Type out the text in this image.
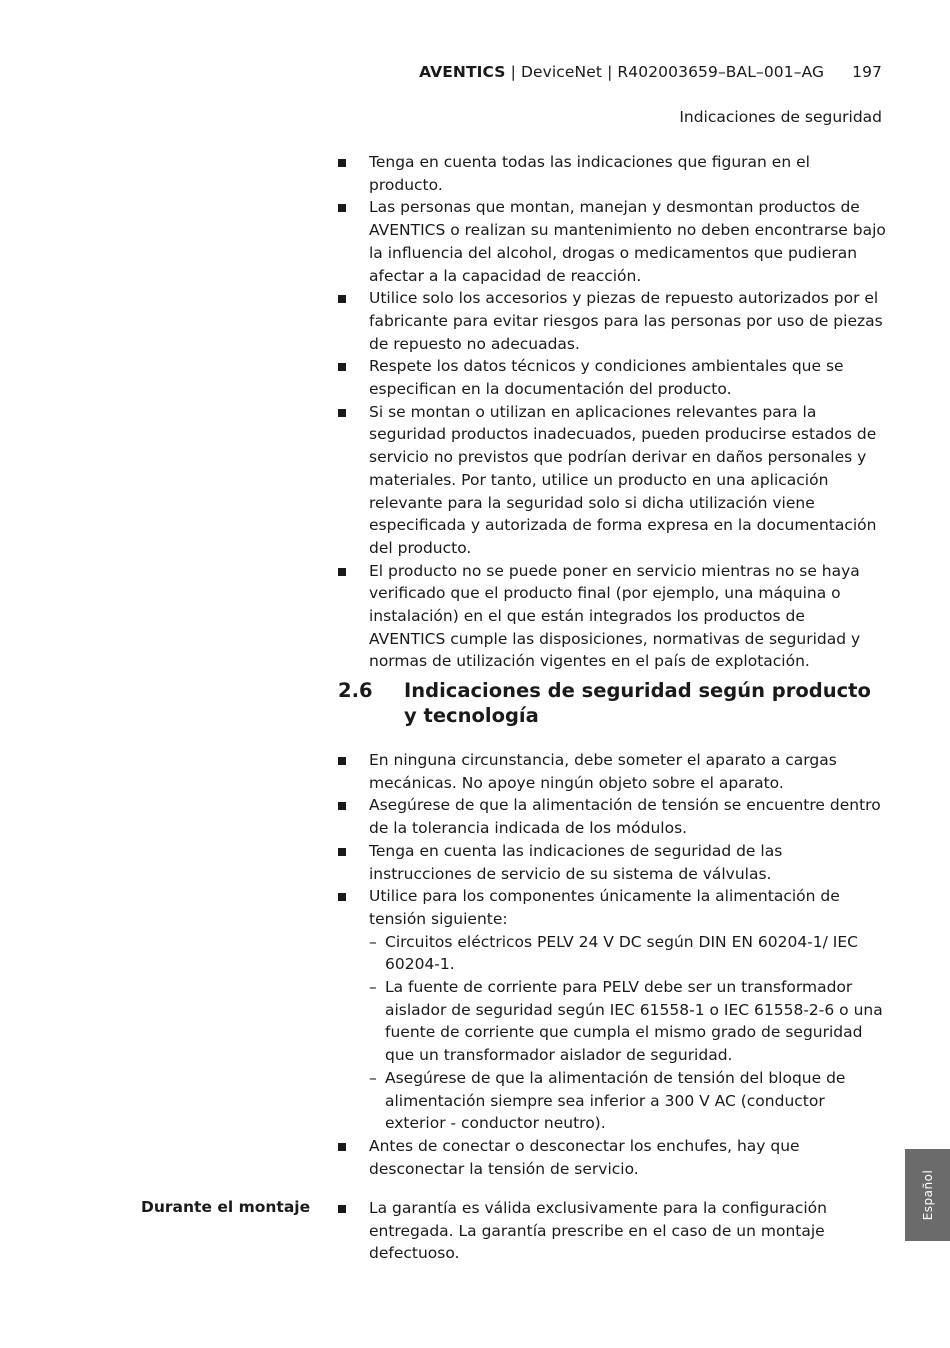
AVENTICS | DeviceNet | R402003659–BAL–001–AG 197
Indicaciones de seguridad
Tenga en cuenta todas las indicaciones que figuran en el producto.
Las personas que montan, manejan y desmontan productos de AVENTICS o realizan su mantenimiento no deben encontrarse bajo la influencia del alcohol, drogas o medicamentos que pudieran afectar a la capacidad de reacción.
Utilice solo los accesorios y piezas de repuesto autorizados por el fabricante para evitar riesgos para las personas por uso de piezas de repuesto no adecuadas.
Respete los datos técnicos y condiciones ambientales que se especifican en la documentación del producto.
Si se montan o utilizan en aplicaciones relevantes para la seguridad productos inadecuados, pueden producirse estados de servicio no previstos que podrían derivar en daños personales y materiales. Por tanto, utilice un producto en una aplicación relevante para la seguridad solo si dicha utilización viene especificada y autorizada de forma expresa en la documentación del producto.
El producto no se puede poner en servicio mientras no se haya verificado que el producto final (por ejemplo, una máquina o instalación) en el que están integrados los productos de AVENTICS cumple las disposiciones, normativas de seguridad y normas de utilización vigentes en el país de explotación.
2.6 Indicaciones de seguridad según producto y tecnología
En ninguna circunstancia, debe someter el aparato a cargas mecánicas. No apoye ningún objeto sobre el aparato.
Asegúrese de que la alimentación de tensión se encuentre dentro de la tolerancia indicada de los módulos.
Tenga en cuenta las indicaciones de seguridad de las instrucciones de servicio de su sistema de válvulas.
Utilice para los componentes únicamente la alimentación de tensión siguiente:
– Circuitos eléctricos PELV 24 V DC según DIN EN 60204-1/ IEC 60204-1.
– La fuente de corriente para PELV debe ser un transformador aislador de seguridad según IEC 61558-1 o IEC 61558-2-6 o una fuente de corriente que cumpla el mismo grado de seguridad que un transformador aislador de seguridad.
– Asegúrese de que la alimentación de tensión del bloque de alimentación siempre sea inferior a 300 V AC (conductor exterior - conductor neutro).
Antes de conectar o desconectar los enchufes, hay que desconectar la tensión de servicio.
Durante el montaje	La garantía es válida exclusivamente para la configuración entregada. La garantía prescribe en el caso de un montaje defectuoso.
Español
